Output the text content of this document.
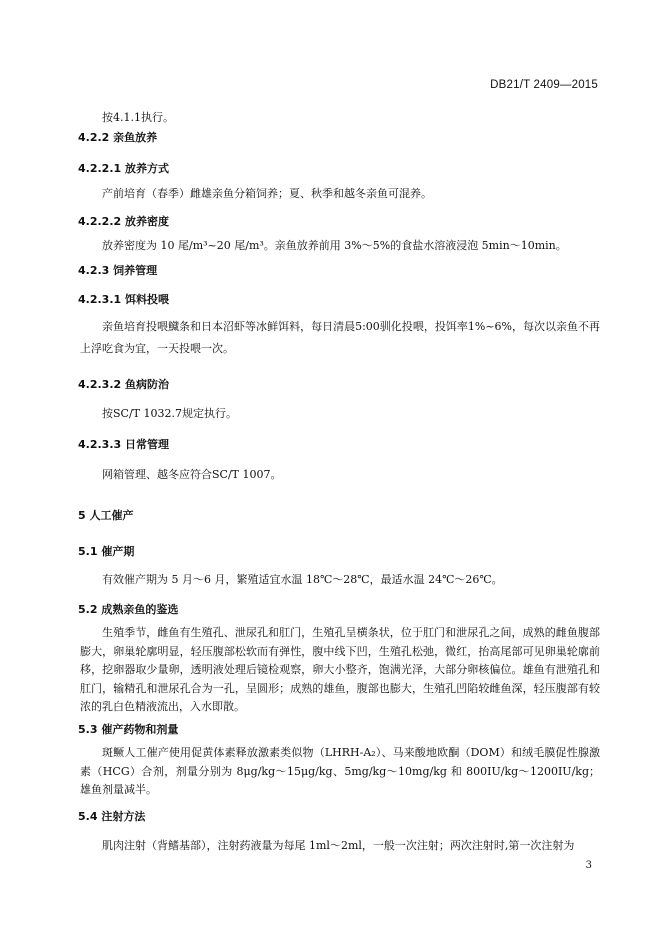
DB21/T 2409—2015
按4.1.1执行。
4.2.2 亲鱼放养
4.2.2.1 放养方式
产前培育（春季）雌雄亲鱼分箱饲养；夏、秋季和越冬亲鱼可混养。
4.2.2.2 放养密度
放养密度为 10 尾/m³~20 尾/m³。亲鱼放养前用 3%～5%的食盐水溶液浸泡 5min～10min。
4.2.3 饲养管理
4.2.3.1 饵料投喂
亲鱼培育投喂鱵条和日本沼虾等冰鲜饵料，每日清晨5:00驯化投喂，投饵率1%~6%，每次以亲鱼不再上浮吃食为宜，一天投喂一次。
4.2.3.2 鱼病防治
按SC/T 1032.7规定执行。
4.2.3.3 日常管理
网箱管理、越冬应符合SC/T 1007。
5 人工催产
5.1 催产期
有效催产期为 5 月～6 月，繁殖适宜水温 18℃～28℃，最适水温 24℃～26℃。
5.2 成熟亲鱼的鉴选
生殖季节，雌鱼有生殖孔、泄尿孔和肛门，生殖孔呈横条状，位于肛门和泄尿孔之间，成熟的雌鱼腹部膨大，卵巢轮廓明显，轻压腹部松软而有弹性，腹中线下凹，生殖孔松弛，微红，抬高尾部可见卵巢轮廓前移，挖卵器取少量卵，透明液处理后镜检观察，卵大小整齐，饱满光泽，大部分卵核偏位。雄鱼有泄殖孔和肛门，输精孔和泄尿孔合为一孔，呈圆形；成熟的雄鱼，腹部也膨大，生殖孔凹陷较雌鱼深，轻压腹部有较浓的乳白色精液流出，入水即散。
5.3 催产药物和剂量
斑鳜人工催产使用促黄体素释放激素类似物（LHRH-A₂）、马来酸地欧酮（DOM）和绒毛膜促性腺激素（HCG）合剂，剂量分别为 8μg/kg～15μg/kg、5mg/kg～10mg/kg 和 800IU/kg～1200IU/kg；雄鱼剂量减半。
5.4 注射方法
肌肉注射（背鳍基部），注射药液量为每尾 1ml～2ml，一般一次注射；两次注射时,第一次注射为
3
